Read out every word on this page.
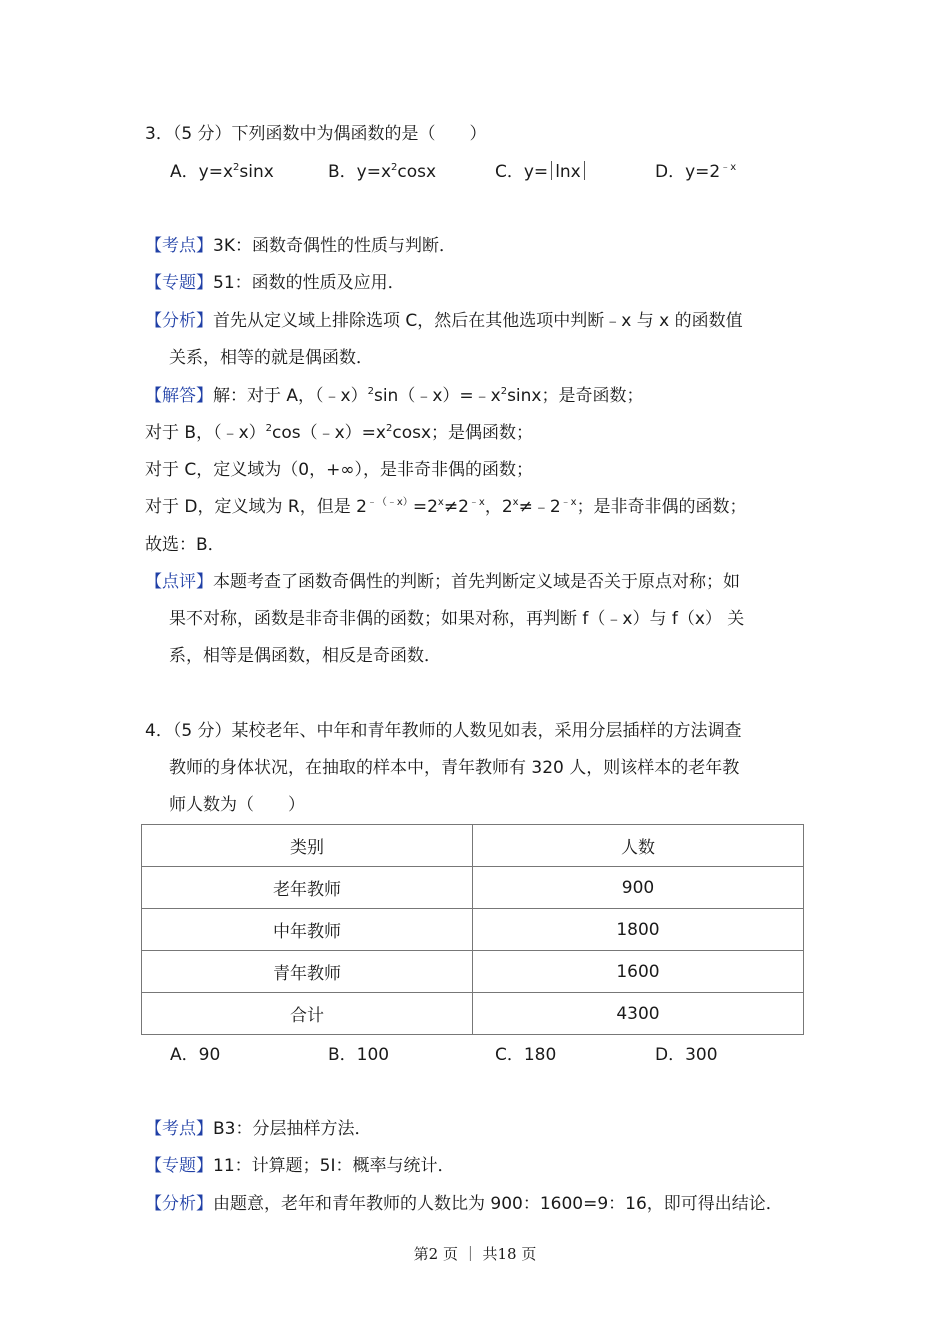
3．（5 分）下列函数中为偶函数的是（　　）
A．$y=x^2\sin x$	B．$y=x^2\cos x$	C．y= lnx	D．$y=2^{﹣x}$
【考点】3K：函数奇偶性的性质与判断．
【专题】51：函数的性质及应用．
【分析】首先从定义域上排除选项 C，然后在其他选项中判断﹣x 与 x 的函数值
关系，相等的就是偶函数．
【解答】解：对于 A，$(﹣x)^2\sin(﹣x)=﹣x^2\sin x$；是奇函数；
对于 B，$(﹣x)^2\cos(﹣x)=x^2\cos x$；是偶函数；
对于 C，定义域为（0，+∞），是非奇非偶的函数；
对于 D，定义域为 R，但是 $2^{﹣(﹣x)}=2^x\ne 2^{﹣x}$，$2^x\ne﹣2^{﹣x}$；是非奇非偶的函数；
故选：B．
【点评】本题考查了函数奇偶性的判断；首先判断定义域是否关于原点对称；如
果不对称，函数是非奇非偶的函数；如果对称，再判断 f（﹣x）与 f（x） 关
系，相等是偶函数，相反是奇函数．
4．（5 分）某校老年、中年和青年教师的人数见如表，采用分层插样的方法调查
教师的身体状况，在抽取的样本中，青年教师有 320 人，则该样本的老年教
师人数为（　　）
类别	人数
老年教师	900
中年教师	1800
青年教师	1600
合计	4300
A．90	B．100	C．180	D．300
【考点】B3：分层抽样方法．
【专题】11：计算题；5I：概率与统计．
【分析】由题意，老年和青年教师的人数比为 900：1600=9：16，即可得出结论．
第2 页 ｜ 共18 页
